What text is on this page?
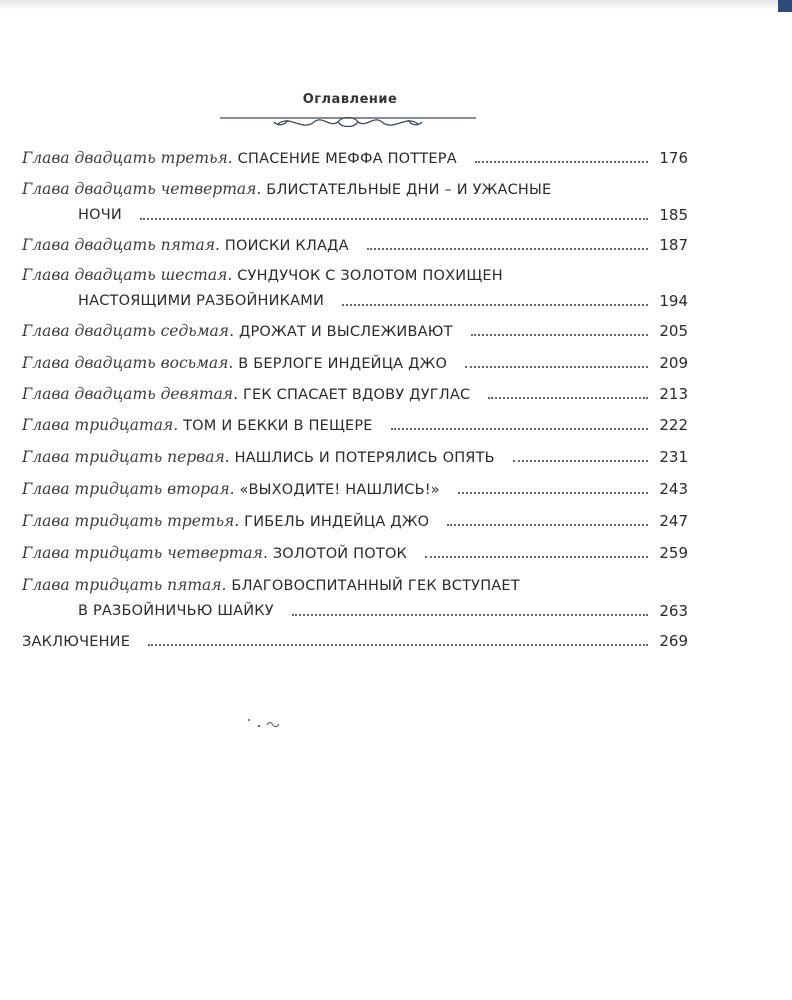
Оглавление
Глава двадцать третья. СПАСЕНИЕ МЕФФА ПОТТЕРА	176
Глава двадцать четвертая. БЛИСТАТЕЛЬНЫЕ ДНИ – И УЖАСНЫЕ
НОЧИ	185
Глава двадцать пятая. ПОИСКИ КЛАДА	187
Глава двадцать шестая. СУНДУЧОК С ЗОЛОТОМ ПОХИЩЕН
НАСТОЯЩИМИ РАЗБОЙНИКАМИ	194
Глава двадцать седьмая. ДРОЖАТ И ВЫСЛЕЖИВАЮТ	205
Глава двадцать восьмая. В БЕРЛОГЕ ИНДЕЙЦА ДЖО	209
Глава двадцать девятая. ГЕК СПАСАЕТ ВДОВУ ДУГЛАС	213
Глава тридцатая. ТОМ И БЕККИ В ПЕЩЕРЕ	222
Глава тридцать первая. НАШЛИСЬ И ПОТЕРЯЛИСЬ ОПЯТЬ	231
Глава тридцать вторая. «ВЫХОДИТЕ! НАШЛИСЬ!»	243
Глава тридцать третья. ГИБЕЛЬ ИНДЕЙЦА ДЖО	247
Глава тридцать четвертая. ЗОЛОТОЙ ПОТОК	259
Глава тридцать пятая. БЛАГОВОСПИТАННЫЙ ГЕК ВСТУПАЕТ
В РАЗБОЙНИЧЬЮ ШАЙКУ	263
ЗАКЛЮЧЕНИЕ	269
